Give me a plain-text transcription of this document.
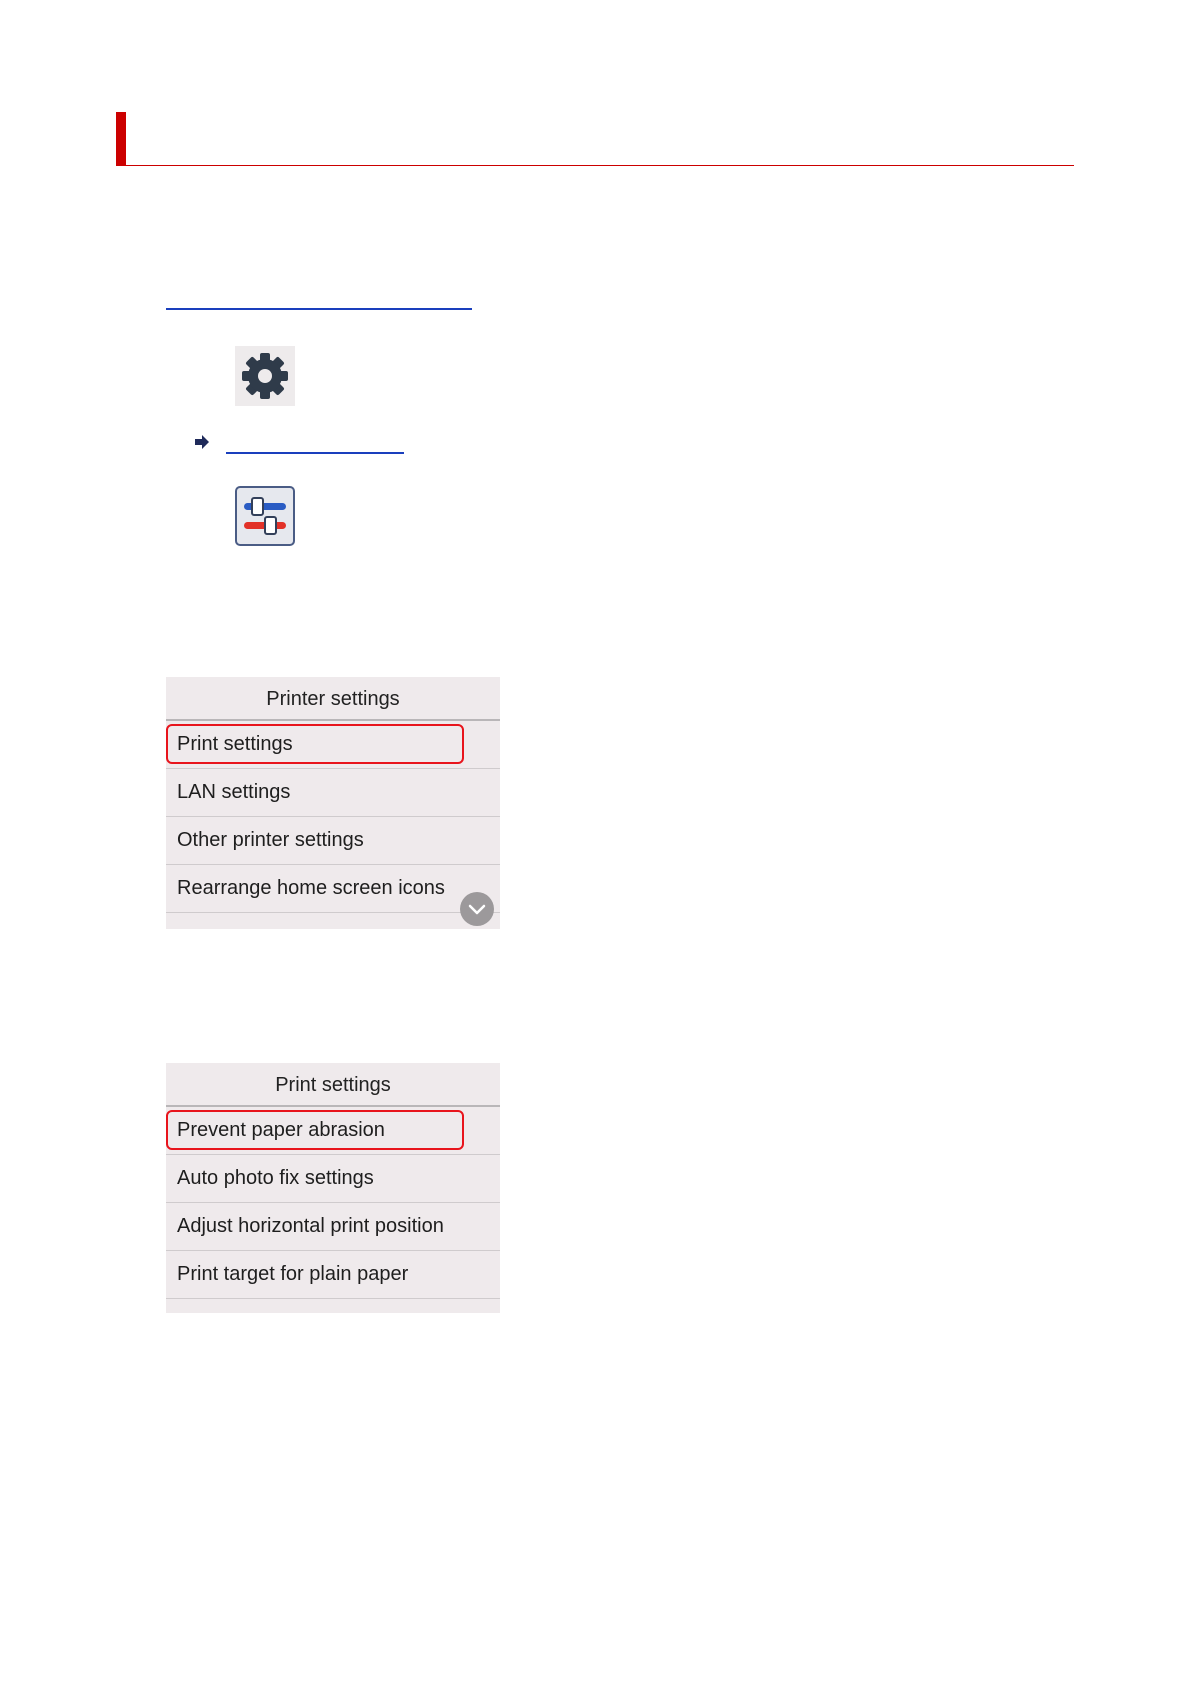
Printer settings
Print settings
LAN settings
Other printer settings
Rearrange home screen icons
Print settings
Prevent paper abrasion
Auto photo fix settings
Adjust horizontal print position
Print target for plain paper
